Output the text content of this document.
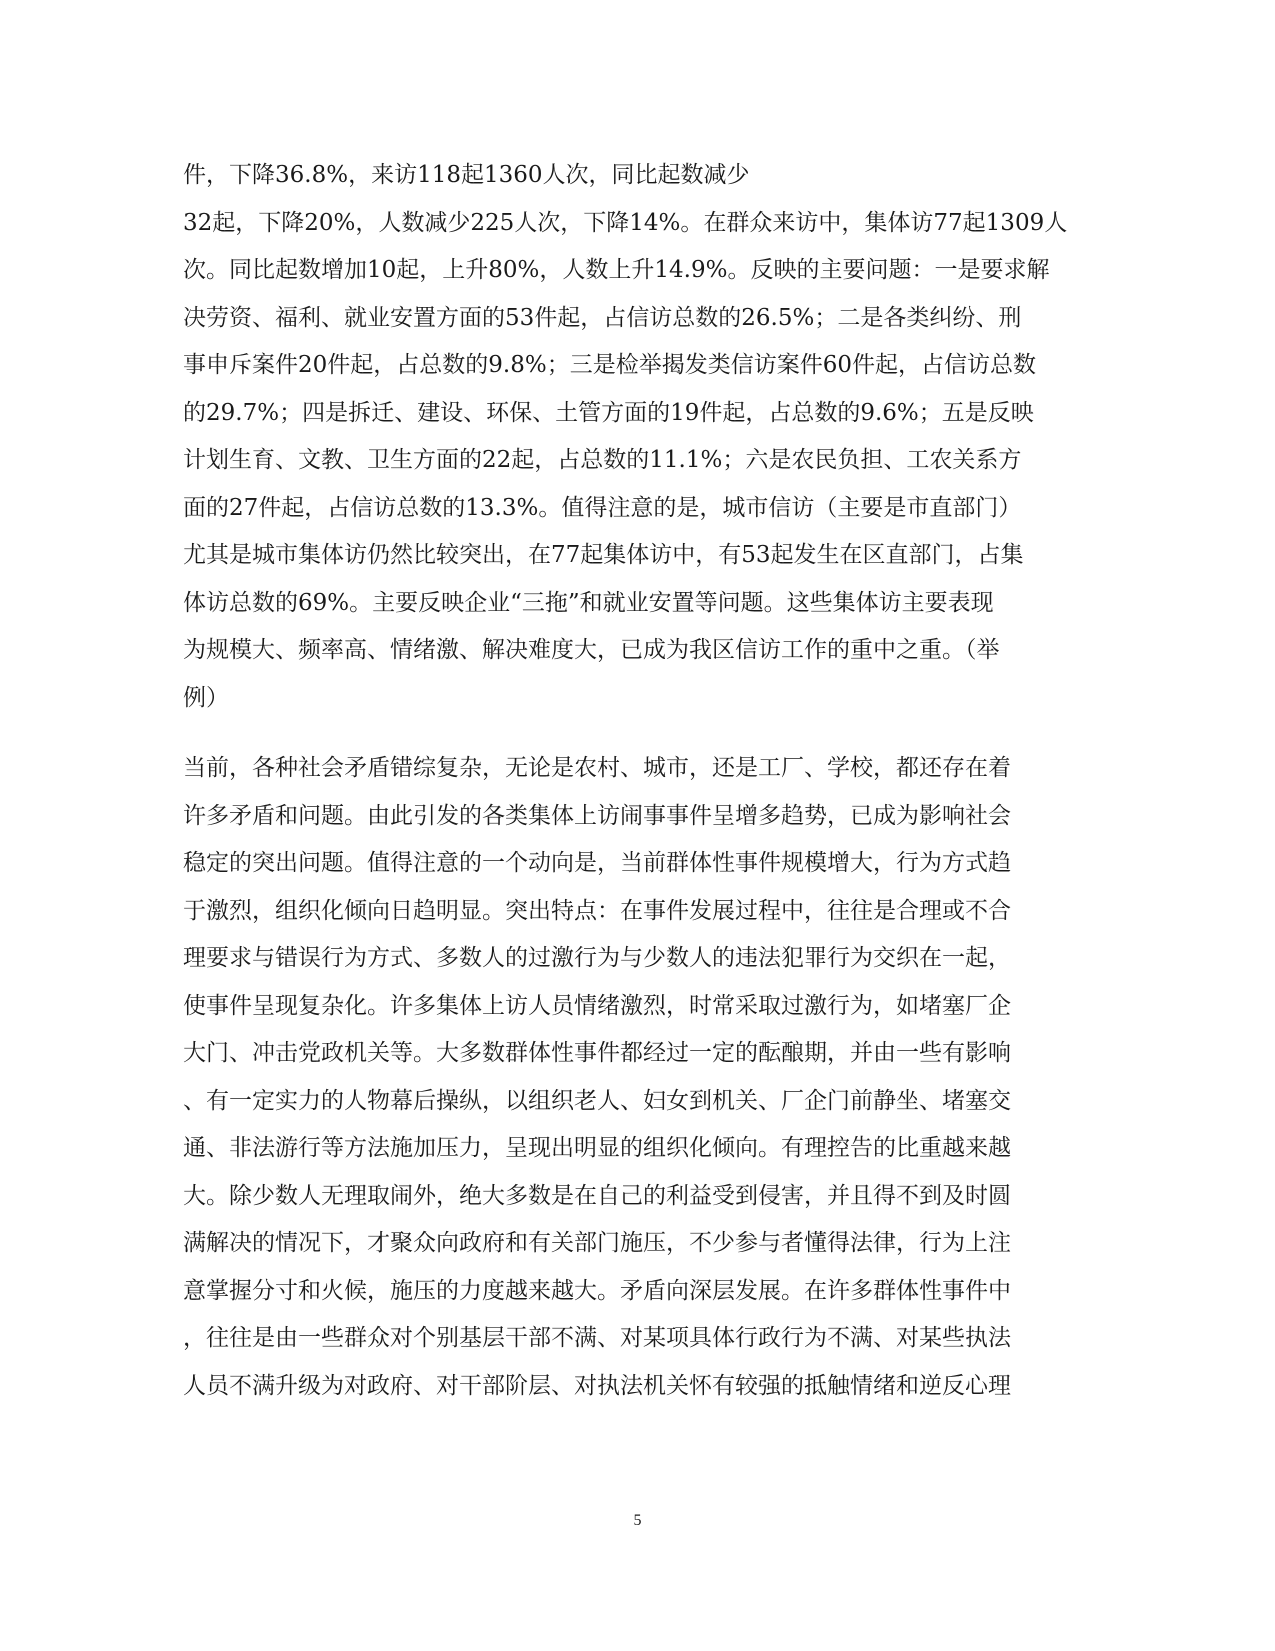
件，下降36.8%，来访118起1360人次，同比起数减少
32起，下降20%，人数减少225人次，下降14%。在群众来访中，集体访77起1309人
次。同比起数增加10起，上升80%，人数上升14.9%。反映的主要问题：一是要求解
决劳资、福利、就业安置方面的53件起，占信访总数的26.5%；二是各类纠纷、刑
事申斥案件20件起，占总数的9.8%；三是检举揭发类信访案件60件起，占信访总数
的29.7%；四是拆迁、建设、环保、土管方面的19件起，占总数的9.6%；五是反映
计划生育、文教、卫生方面的22起，占总数的11.1%；六是农民负担、工农关系方
面的27件起，占信访总数的13.3%。值得注意的是，城市信访（主要是市直部门）
尤其是城市集体访仍然比较突出，在77起集体访中，有53起发生在区直部门，占集
体访总数的69%。主要反映企业“三拖”和就业安置等问题。这些集体访主要表现
为规模大、频率高、情绪激、解决难度大，已成为我区信访工作的重中之重。（举
例）
当前，各种社会矛盾错综复杂，无论是农村、城市，还是工厂、学校，都还存在着
许多矛盾和问题。由此引发的各类集体上访闹事事件呈增多趋势，已成为影响社会
稳定的突出问题。值得注意的一个动向是，当前群体性事件规模增大，行为方式趋
于激烈，组织化倾向日趋明显。突出特点：在事件发展过程中，往往是合理或不合
理要求与错误行为方式、多数人的过激行为与少数人的违法犯罪行为交织在一起，
使事件呈现复杂化。许多集体上访人员情绪激烈，时常采取过激行为，如堵塞厂企
大门、冲击党政机关等。大多数群体性事件都经过一定的酝酿期，并由一些有影响
、有一定实力的人物幕后操纵，以组织老人、妇女到机关、厂企门前静坐、堵塞交
通、非法游行等方法施加压力，呈现出明显的组织化倾向。有理控告的比重越来越
大。除少数人无理取闹外，绝大多数是在自己的利益受到侵害，并且得不到及时圆
满解决的情况下，才聚众向政府和有关部门施压，不少参与者懂得法律，行为上注
意掌握分寸和火候，施压的力度越来越大。矛盾向深层发展。在许多群体性事件中
，往往是由一些群众对个别基层干部不满、对某项具体行政行为不满、对某些执法
人员不满升级为对政府、对干部阶层、对执法机关怀有较强的抵触情绪和逆反心理
5
